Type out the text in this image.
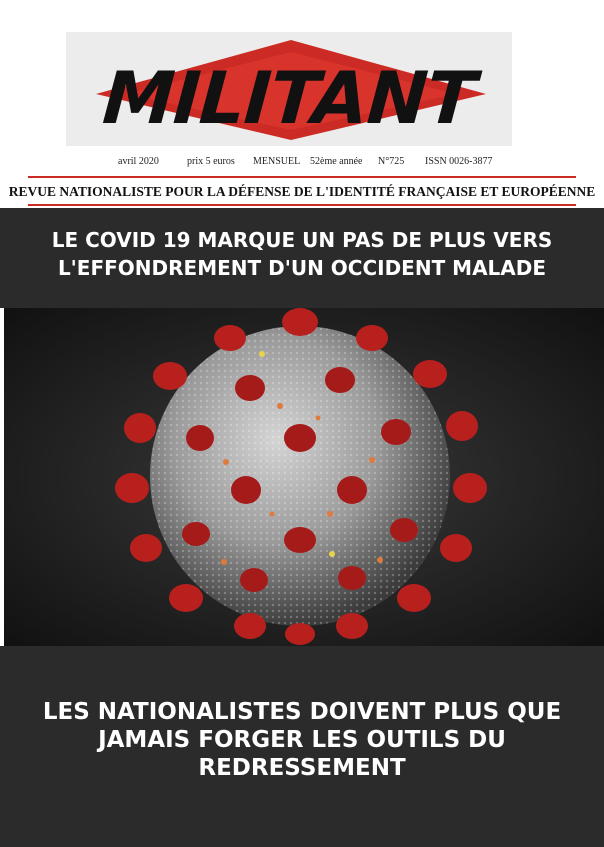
MILITANT
avril 2020	prix 5 euros MENSUEL 52ème année N°725 ISSN 0026-3877
REVUE NATIONALISTE POUR LA DÉFENSE DE L'IDENTITÉ FRANÇAISE ET EUROPÉENNE
LE COVID 19 MARQUE UN PAS DE PLUS VERS
L'EFFONDREMENT D'UN OCCIDENT MALADE
LES NATIONALISTES DOIVENT PLUS QUE
JAMAIS FORGER LES OUTILS DU
REDRESSEMENT
